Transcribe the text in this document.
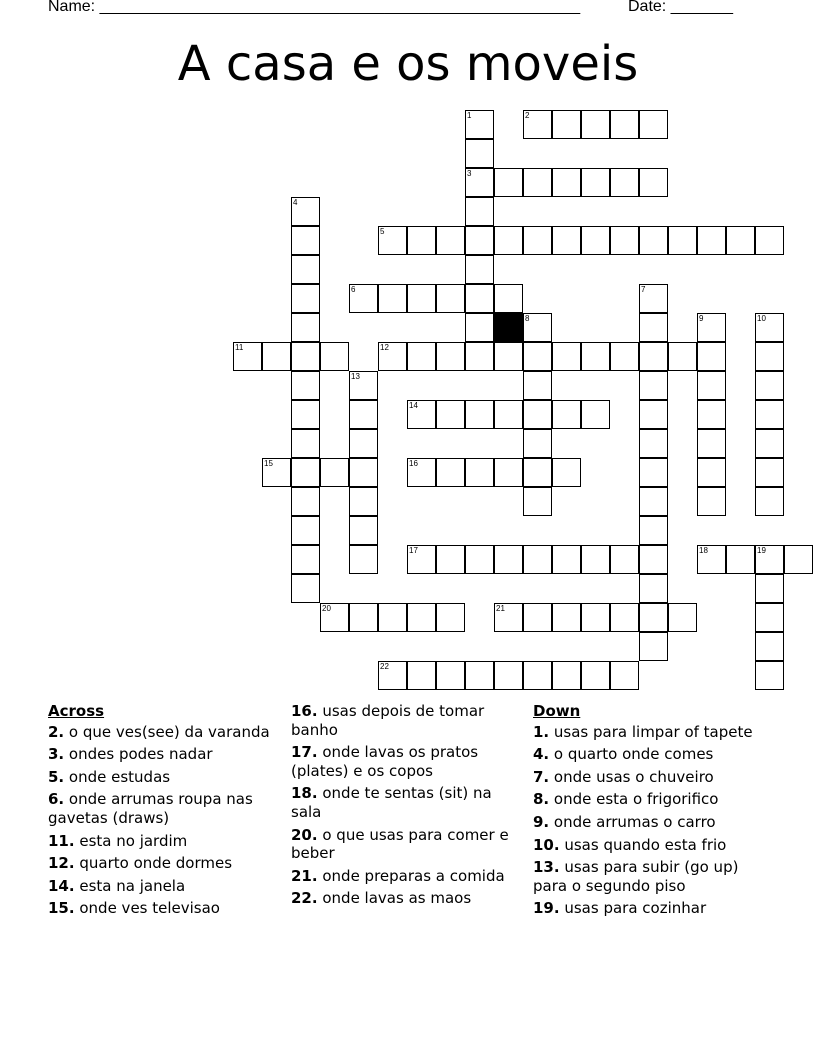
Name: ______________________________________________________	Date: _______
A casa e os moveis
1	2
3
4
5
6	7
8	9	10
11	12
13
14
15	16
17	18	19
20	21
22
Across
2. o que ves(see) da varanda
3. ondes podes nadar
5. onde estudas
6. onde arrumas roupa nas gavetas (draws)
11. esta no jardim
12. quarto onde dormes
14. esta na janela
15. onde ves televisao
16. usas depois de tomar banho
17. onde lavas os pratos (plates) e os copos
18. onde te sentas (sit) na sala
20. o que usas para comer e beber
21. onde preparas a comida
22. onde lavas as maos
Down
1. usas para limpar of tapete
4. o quarto onde comes
7. onde usas o chuveiro
8. onde esta o frigorifico
9. onde arrumas o carro
10. usas quando esta frio
13. usas para subir (go up) para o segundo piso
19. usas para cozinhar
